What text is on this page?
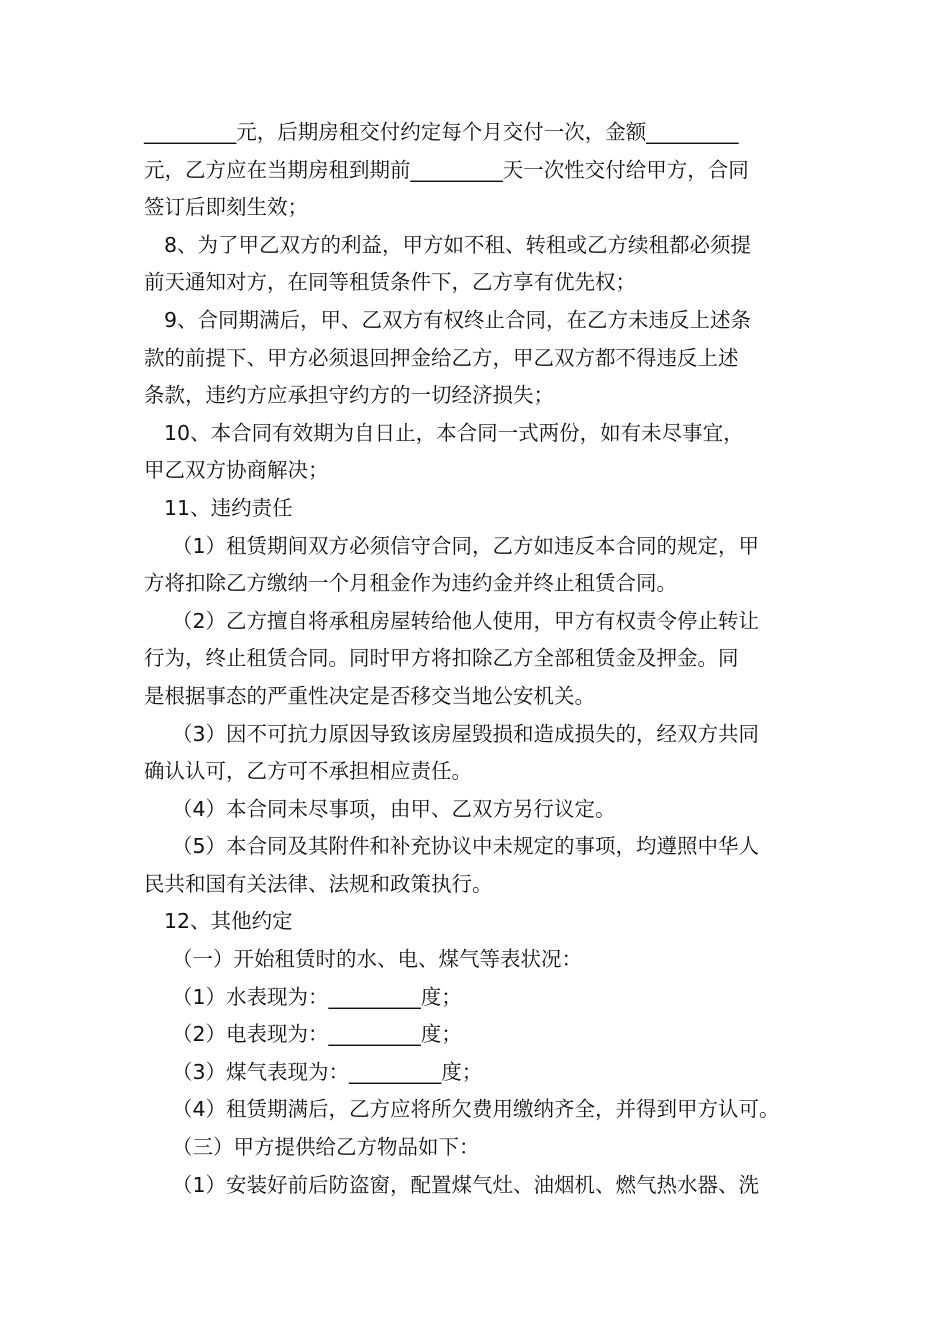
_________元，后期房租交付约定每个月交付一次，金额_________

元，乙方应在当期房租到期前_________天一次性交付给甲方，合同

签订后即刻生效；

8、为了甲乙双方的利益，甲方如不租、转租或乙方续租都必须提

前天通知对方，在同等租赁条件下，乙方享有优先权；

9、合同期满后，甲、乙双方有权终止合同，在乙方未违反上述条

款的前提下、甲方必须退回押金给乙方，甲乙双方都不得违反上述

条款，违约方应承担守约方的一切经济损失；

10、本合同有效期为自日止，本合同一式两份，如有未尽事宜，

甲乙双方协商解决；

11、违约责任

（1）租赁期间双方必须信守合同，乙方如违反本合同的规定，甲

方将扣除乙方缴纳一个月租金作为违约金并终止租赁合同。

（2）乙方擅自将承租房屋转给他人使用，甲方有权责令停止转让

行为，终止租赁合同。同时甲方将扣除乙方全部租赁金及押金。同

是根据事态的严重性决定是否移交当地公安机关。

（3）因不可抗力原因导致该房屋毁损和造成损失的，经双方共同

确认认可，乙方可不承担相应责任。

（4）本合同未尽事项，由甲、乙双方另行议定。

（5）本合同及其附件和补充协议中未规定的事项，均遵照中华人

民共和国有关法律、法规和政策执行。

12、其他约定

（一）开始租赁时的水、电、煤气等表状况：

（1）水表现为：_________度；

（2）电表现为：_________度；

（3）煤气表现为：_________度；

（4）租赁期满后，乙方应将所欠费用缴纳齐全，并得到甲方认可。

（三）甲方提供给乙方物品如下：

（1）安装好前后防盗窗，配置煤气灶、油烟机、燃气热水器、洗
